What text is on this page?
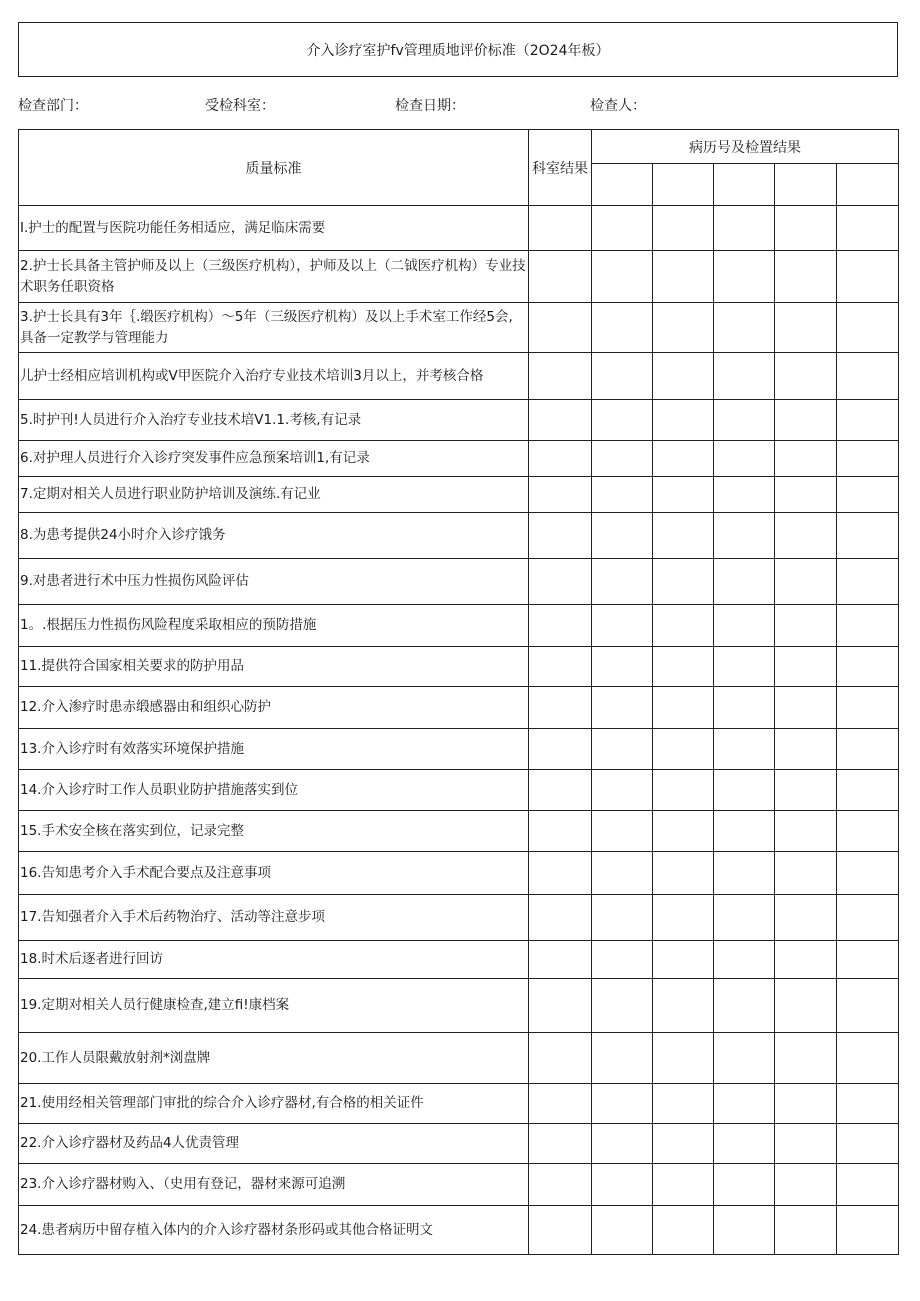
介入诊疗室护fv管理质地评价标准（2O24年板）
检查部门：	受检科室：	检查日期：	检查人：
质量标准	科室结果	病历号及检置结果				

I.护士的配置与医院功能任务相适应，满足临床需要						
2.护士长具备主管护师及以上（三级医疗机构），护师及以上（二钺医疗机构）专业技术职务任职资格						
3.护士长具有3年｛.缎医疗机构）～5年（三级医疗机构）及以上手术室工作经5会,具备一定教学与管理能力						
儿护士经相应培训机构或V甲医院介入治疗专业技术培训3月以上，并考核合格						
5.时护刊!人员进行介入治疗专业技术培V1.1.考核,有记录						
6.对护理人员进行介入诊疗突发事件应急预案培训1,有记录						
7.定期对相关人员进行职业防护培训及演练.有记业						
8.为患考提供24小时介入诊疗饿务						
9.对患者进行术中压力性损伤风险评估						
1。.根据压力性损伤风险程度采取相应的预防措施						
11.提供符合国家相关要求的防护用品						
12.介入渗疗时患赤缎感器由和组织心防护						
13.介入诊疗时有效落实环境保护措施						
14.介入诊疗时工作人员职业防护措施落实到位						
15.手术安全核在落实到位，记录完整						
16.告知患考介入手术配合要点及注意事项						
17.告知强者介入手术后药物治疗、活动等注意步项						
18.时术后逐者进行回访						
19.定期对相关人员行健康检查,建立fi!康档案						
20.工作人员限戴放射剂*浏盘牌						
21.使用经相关管理部门审批的综合介入诊疗器材,有合格的相关证件						
22.介入诊疗器材及药品4人优责管理						
23.介入诊疗器材购入、（史用有登记，器材来源可追溯						
24.患者病历中留存植入体内的介入诊疗器材条形码或其他合格证明文						
